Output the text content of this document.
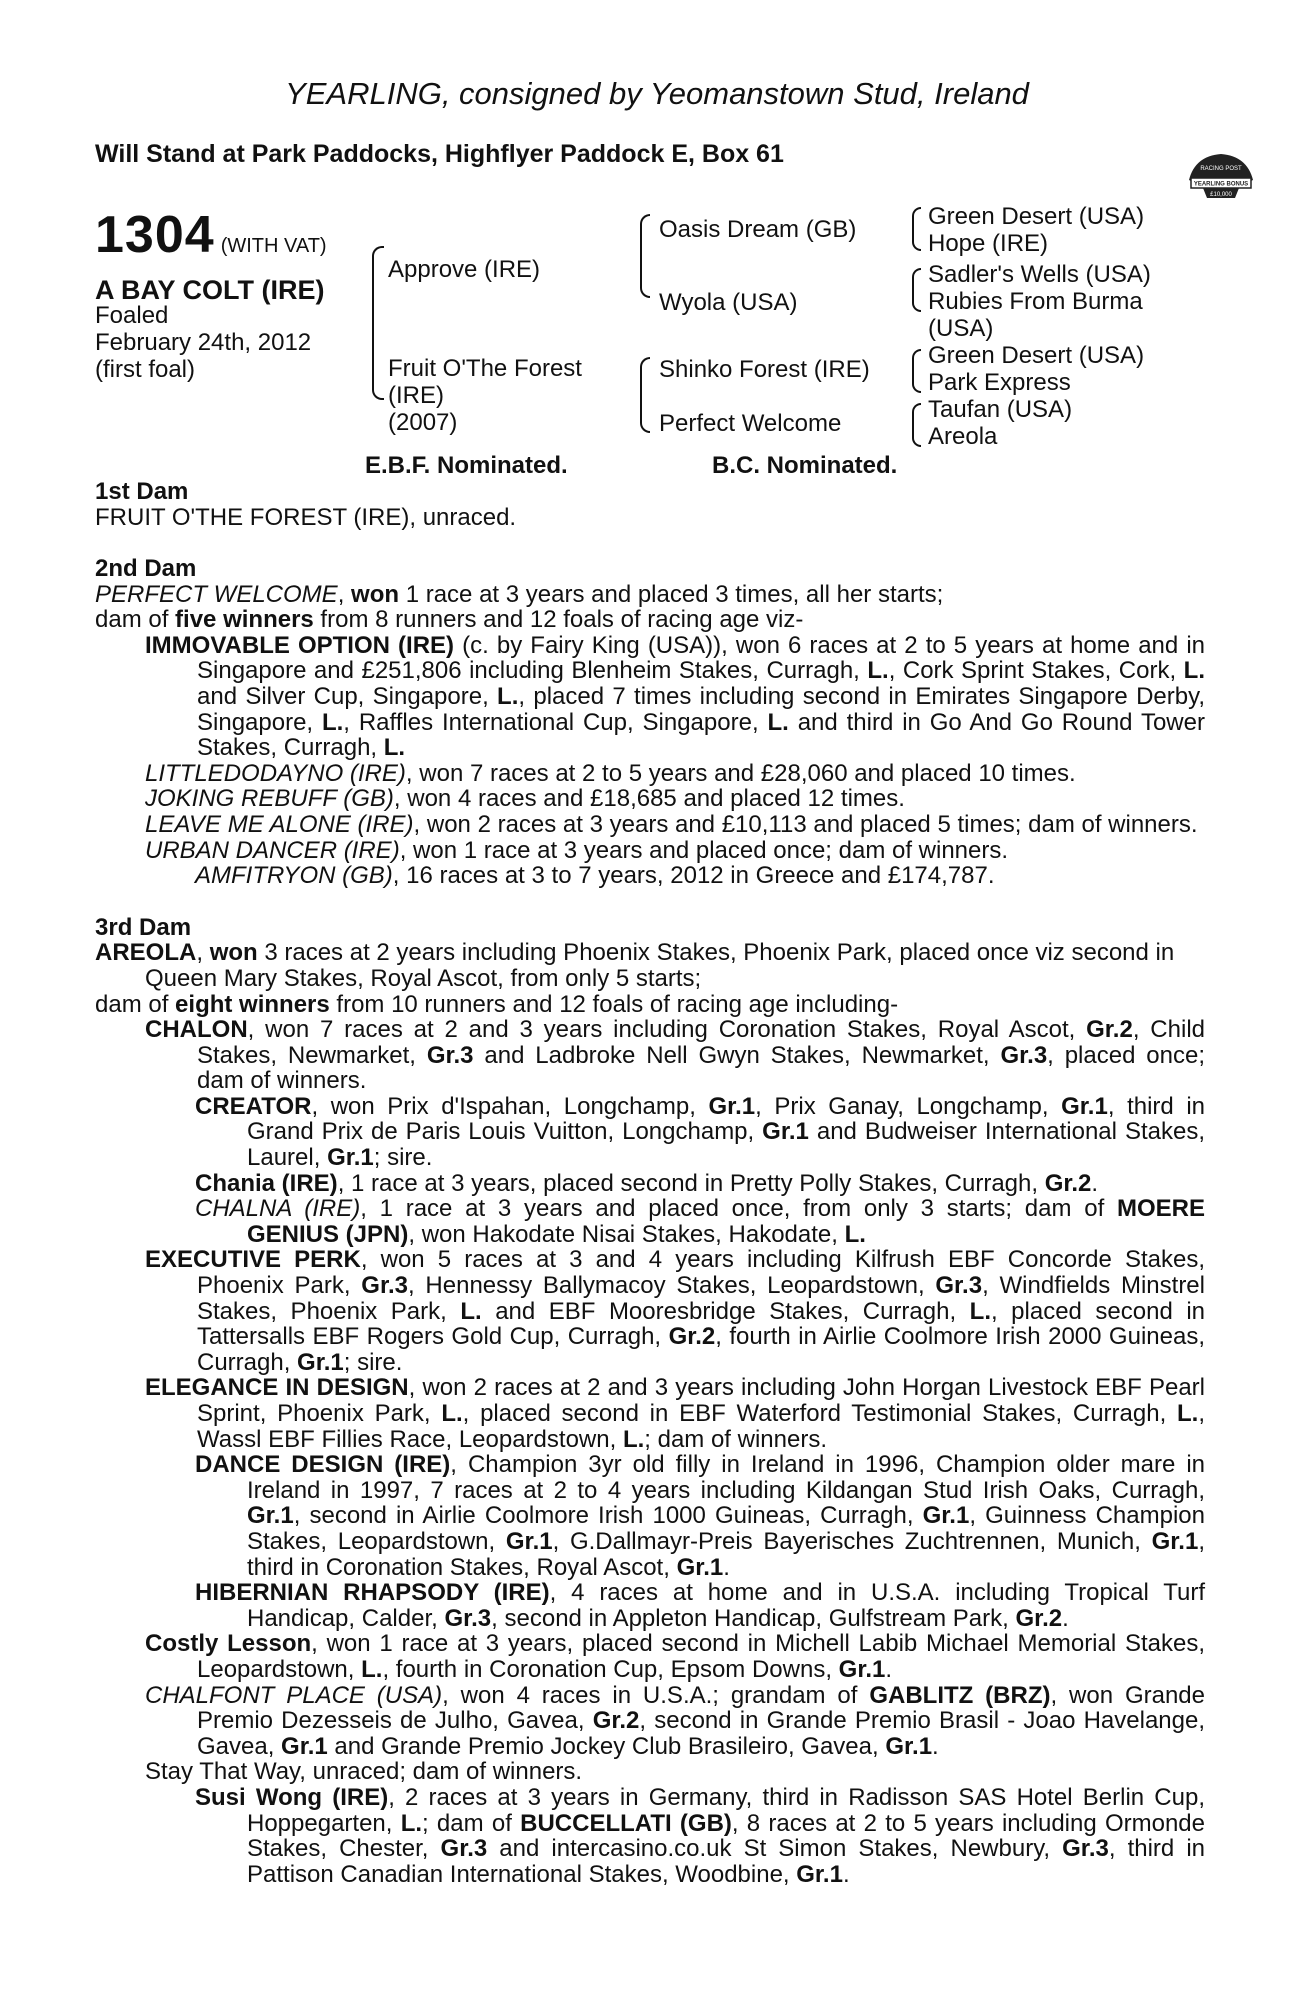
YEARLING, consigned by Yeomanstown Stud, Ireland
Will Stand at Park Paddocks, Highflyer Paddock E, Box 61
RACING POST
YEARLING BONUS
£10,000
1304 (WITH VAT)
A BAY COLT (IRE)
Foaled
February 24th, 2012
(first foal)
Approve (IRE)
Fruit O'The Forest
(IRE)
(2007)
Oasis Dream (GB)
Wyola (USA)
Shinko Forest (IRE)
Perfect Welcome
Green Desert (USA)
Hope (IRE)
Sadler's Wells (USA)
Rubies From Burma
(USA)
Green Desert (USA)
Park Express
Taufan (USA)
Areola
E.B.F. Nominated.	B.C. Nominated.
1st Dam
FRUIT O'THE FOREST (IRE), unraced.

2nd Dam

PERFECT WELCOME, won 1 race at 3 years and placed 3 times, all her starts;

dam of five winners from 8 runners and 12 foals of racing age viz-

IMMOVABLE OPTION (IRE) (c. by Fairy King (USA)), won 6 races at 2 to 5 years at home and in Singapore and £251,806 including Blenheim Stakes, Curragh, L., Cork Sprint Stakes, Cork, L. and Silver Cup, Singapore, L., placed 7 times including second in Emirates Singapore Derby, Singapore, L., Raffles International Cup, Singapore, L. and third in Go And Go Round Tower Stakes, Curragh, L.

LITTLEDODAYNO (IRE), won 7 races at 2 to 5 years and £28,060 and placed 10 times.

JOKING REBUFF (GB), won 4 races and £18,685 and placed 12 times.

LEAVE ME ALONE (IRE), won 2 races at 3 years and £10,113 and placed 5 times; dam of winners.

URBAN DANCER (IRE), won 1 race at 3 years and placed once; dam of winners.

AMFITRYON (GB), 16 races at 3 to 7 years, 2012 in Greece and £174,787.

3rd Dam

AREOLA, won 3 races at 2 years including Phoenix Stakes, Phoenix Park, placed once viz second in Queen Mary Stakes, Royal Ascot, from only 5 starts;

dam of eight winners from 10 runners and 12 foals of racing age including-

CHALON, won 7 races at 2 and 3 years including Coronation Stakes, Royal Ascot, Gr.2, Child Stakes, Newmarket, Gr.3 and Ladbroke Nell Gwyn Stakes, Newmarket, Gr.3, placed once; dam of winners.

CREATOR, won Prix d'Ispahan, Longchamp, Gr.1, Prix Ganay, Longchamp, Gr.1, third in Grand Prix de Paris Louis Vuitton, Longchamp, Gr.1 and Budweiser International Stakes, Laurel, Gr.1; sire.

Chania (IRE), 1 race at 3 years, placed second in Pretty Polly Stakes, Curragh, Gr.2.

CHALNA (IRE), 1 race at 3 years and placed once, from only 3 starts; dam of MOERE GENIUS (JPN), won Hakodate Nisai Stakes, Hakodate, L.

EXECUTIVE PERK, won 5 races at 3 and 4 years including Kilfrush EBF Concorde Stakes, Phoenix Park, Gr.3, Hennessy Ballymacoy Stakes, Leopardstown, Gr.3, Windfields Minstrel Stakes, Phoenix Park, L. and EBF Mooresbridge Stakes, Curragh, L., placed second in Tattersalls EBF Rogers Gold Cup, Curragh, Gr.2, fourth in Airlie Coolmore Irish 2000 Guineas, Curragh, Gr.1; sire.

ELEGANCE IN DESIGN, won 2 races at 2 and 3 years including John Horgan Livestock EBF Pearl Sprint, Phoenix Park, L., placed second in EBF Waterford Testimonial Stakes, Curragh, L., Wassl EBF Fillies Race, Leopardstown, L.; dam of winners.

DANCE DESIGN (IRE), Champion 3yr old filly in Ireland in 1996, Champion older mare in Ireland in 1997, 7 races at 2 to 4 years including Kildangan Stud Irish Oaks, Curragh, Gr.1, second in Airlie Coolmore Irish 1000 Guineas, Curragh, Gr.1, Guinness Champion Stakes, Leopardstown, Gr.1, G.Dallmayr-Preis Bayerisches Zuchtrennen, Munich, Gr.1, third in Coronation Stakes, Royal Ascot, Gr.1.

HIBERNIAN RHAPSODY (IRE), 4 races at home and in U.S.A. including Tropical Turf Handicap, Calder, Gr.3, second in Appleton Handicap, Gulfstream Park, Gr.2.

Costly Lesson, won 1 race at 3 years, placed second in Michell Labib Michael Memorial Stakes, Leopardstown, L., fourth in Coronation Cup, Epsom Downs, Gr.1.

CHALFONT PLACE (USA), won 4 races in U.S.A.; grandam of GABLITZ (BRZ), won Grande Premio Dezesseis de Julho, Gavea, Gr.2, second in Grande Premio Brasil - Joao Havelange, Gavea, Gr.1 and Grande Premio Jockey Club Brasileiro, Gavea, Gr.1.

Stay That Way, unraced; dam of winners.

Susi Wong (IRE), 2 races at 3 years in Germany, third in Radisson SAS Hotel Berlin Cup, Hoppegarten, L.; dam of BUCCELLATI (GB), 8 races at 2 to 5 years including Ormonde Stakes, Chester, Gr.3 and intercasino.co.uk St Simon Stakes, Newbury, Gr.3, third in Pattison Canadian International Stakes, Woodbine, Gr.1.
